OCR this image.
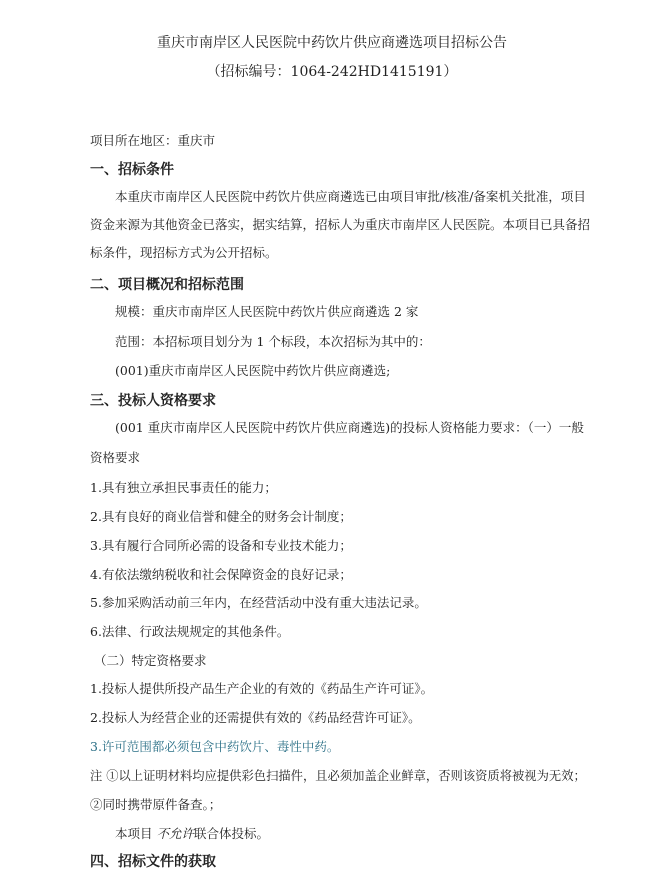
重庆市南岸区人民医院中药饮片供应商遴选项目招标公告
（招标编号：1064-242HD1415191）
项目所在地区：重庆市
一、招标条件
本重庆市南岸区人民医院中药饮片供应商遴选已由项目审批/核准/备案机关批准，项目
资金来源为其他资金已落实，据实结算，招标人为重庆市南岸区人民医院。本项目已具备招
标条件，现招标方式为公开招标。
二、项目概况和招标范围
规模：重庆市南岸区人民医院中药饮片供应商遴选 2 家
范围：本招标项目划分为 1 个标段，本次招标为其中的：
(001)重庆市南岸区人民医院中药饮片供应商遴选;
三、投标人资格要求
(001 重庆市南岸区人民医院中药饮片供应商遴选)的投标人资格能力要求：（一）一般
资格要求
1.具有独立承担民事责任的能力；
2.具有良好的商业信誉和健全的财务会计制度；
3.具有履行合同所必需的设备和专业技术能力；
4.有依法缴纳税收和社会保障资金的良好记录；
5.参加采购活动前三年内，在经营活动中没有重大违法记录。
6.法律、行政法规规定的其他条件。
（二）特定资格要求
1.投标人提供所投产品生产企业的有效的《药品生产许可证》。
2.投标人为经营企业的还需提供有效的《药品经营许可证》。
3.许可范围都必须包含中药饮片、毒性中药。
注 ①以上证明材料均应提供彩色扫描件，且必须加盖企业鲜章，否则该资质将被视为无效；
②同时携带原件备查。；
本项目 不允许联合体投标。
四、招标文件的获取
